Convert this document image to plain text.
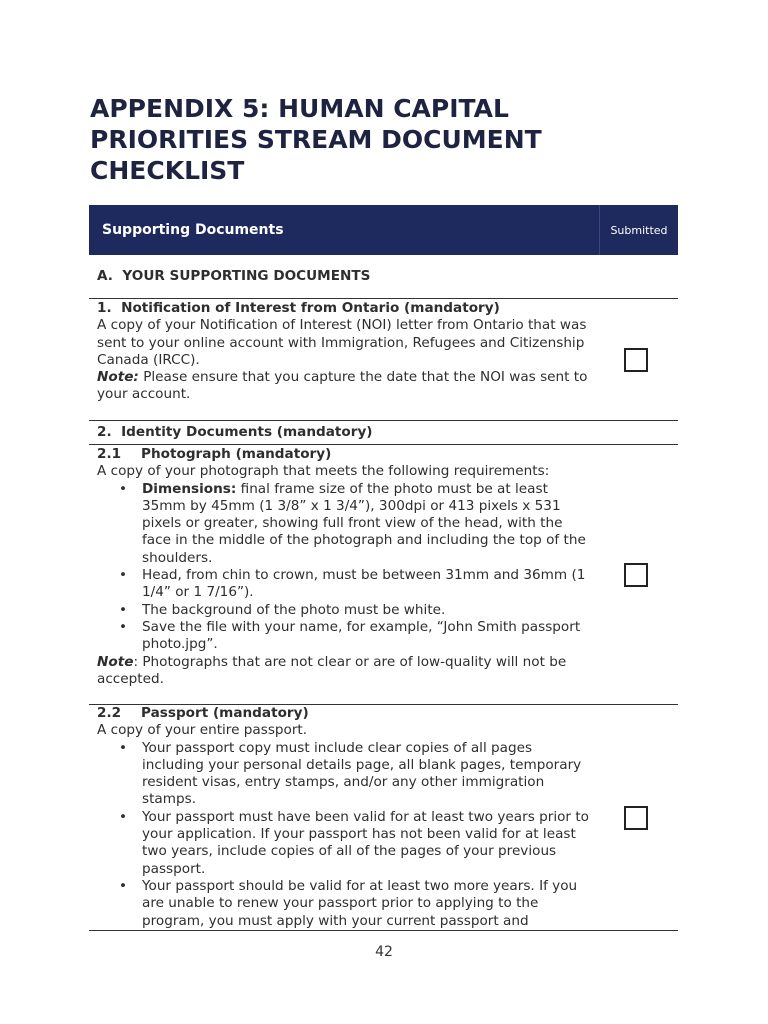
APPENDIX 5: HUMAN CAPITAL
PRIORITIES STREAM DOCUMENT
CHECKLIST
Supporting Documents	Submitted
A.
YOUR SUPPORTING DOCUMENTS

1. Notification of Interest from Ontario (mandatory)

A copy of your Notification of Interest (NOI) letter from Ontario that was sent to your online account with Immigration, Refugees and Citizenship Canada (IRCC).

Note: Please ensure that you capture the date that the NOI was sent to your account.

2. Identity Documents (mandatory)

2.1 Photograph (mandatory)

A copy of your photograph that meets the following requirements:

• Dimensions: final frame size of the photo must be at least 35mm by 45mm (1 3/8” x 1 3/4”), 300dpi or 413 pixels x 531 pixels or greater, showing full front view of the head, with the face in the middle of the photograph and including the top of the shoulders.
• Head, from chin to crown, must be between 31mm and 36mm (1 1/4” or 1 7/16”).
• The background of the photo must be white.
• Save the file with your name, for example, “John Smith passport photo.jpg”.

Note: Photographs that are not clear or are of low-quality will not be accepted.

2.2 Passport (mandatory)

A copy of your entire passport.

• Your passport copy must include clear copies of all pages including your personal details page, all blank pages, temporary resident visas, entry stamps, and/or any other immigration stamps.
• Your passport must have been valid for at least two years prior to your application. If your passport has not been valid for at least two years, include copies of all of the pages of your previous passport.
• Your passport should be valid for at least two more years. If you are unable to renew your passport prior to applying to the program, you must apply with your current passport and
42
